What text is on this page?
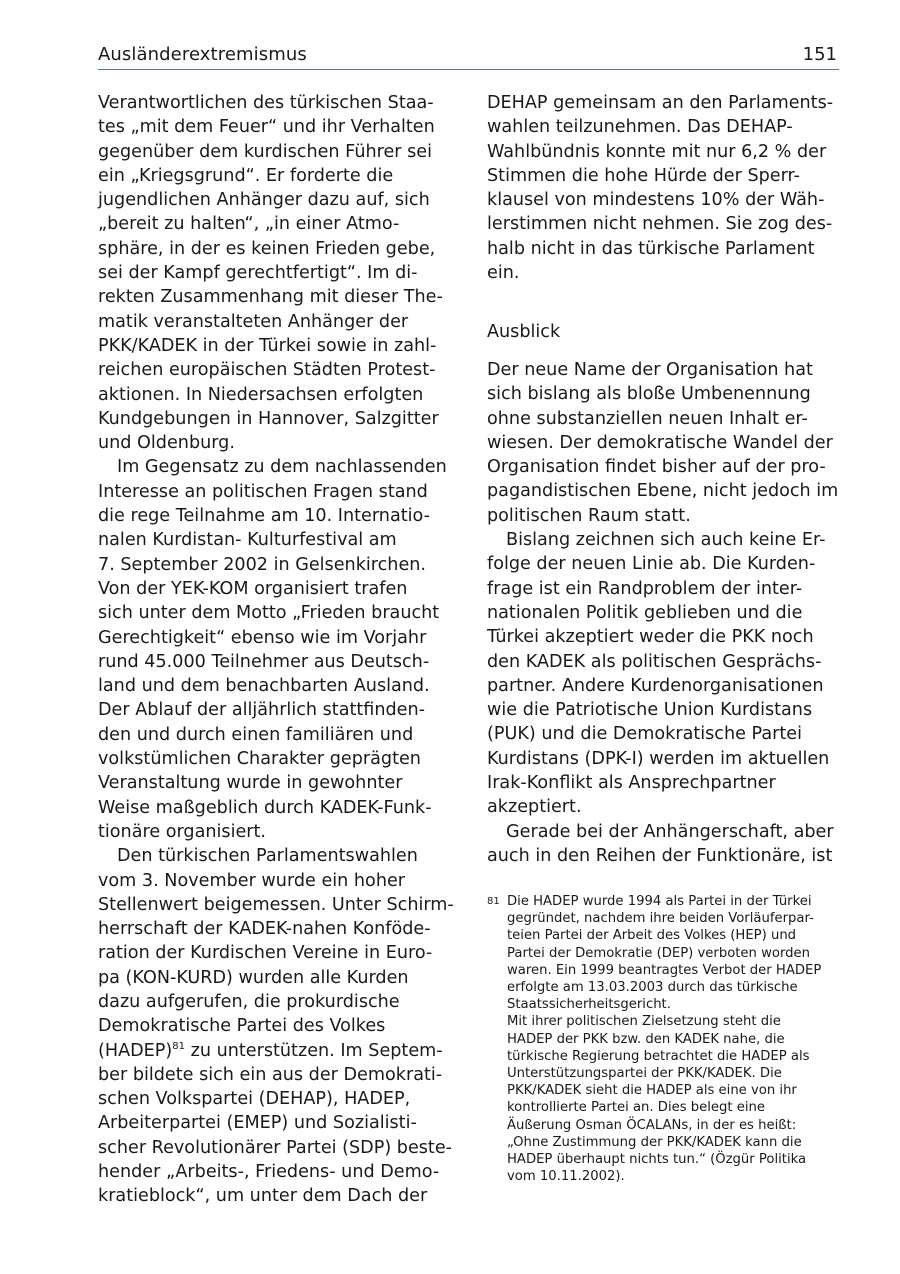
Ausländerextremismus	151
Verantwortlichen des türkischen Staa-
tes „mit dem Feuer“ und ihr Verhalten
gegenüber dem kurdischen Führer sei
ein „Kriegsgrund“. Er forderte die
jugendlichen Anhänger dazu auf, sich
„bereit zu halten“, „in einer Atmo-
sphäre, in der es keinen Frieden gebe,
sei der Kampf gerechtfertigt“. Im di-
rekten Zusammenhang mit dieser The-
matik veranstalteten Anhänger der
PKK/KADEK in der Türkei sowie in zahl-
reichen europäischen Städten Protest-
aktionen. In Niedersachsen erfolgten
Kundgebungen in Hannover, Salzgitter
und Oldenburg.
Im Gegensatz zu dem nachlassenden
Interesse an politischen Fragen stand
die rege Teilnahme am 10. Internatio-
nalen Kurdistan- Kulturfestival am
7. September 2002 in Gelsenkirchen.
Von der YEK-KOM organisiert trafen
sich unter dem Motto „Frieden braucht
Gerechtigkeit“ ebenso wie im Vorjahr
rund 45.000 Teilnehmer aus Deutsch-
land und dem benachbarten Ausland.
Der Ablauf der alljährlich stattfinden-
den und durch einen familiären und
volkstümlichen Charakter geprägten
Veranstaltung wurde in gewohnter
Weise maßgeblich durch KADEK-Funk-
tionäre organisiert.
Den türkischen Parlamentswahlen
vom 3. November wurde ein hoher
Stellenwert beigemessen. Unter Schirm-
herrschaft der KADEK-nahen Konföde-
ration der Kurdischen Vereine in Euro-
pa (KON-KURD) wurden alle Kurden
dazu aufgerufen, die prokurdische
Demokratische Partei des Volkes
(HADEP)$^{81}$ zu unterstützen. Im Septem-
ber bildete sich ein aus der Demokrati-
schen Volkspartei (DEHAP), HADEP,
Arbeiterpartei (EMEP) und Sozialisti-
scher Revolutionärer Partei (SDP) beste-
hender „Arbeits-, Friedens- und Demo-
kratieblock“, um unter dem Dach der
DEHAP gemeinsam an den Parlaments-
wahlen teilzunehmen. Das DEHAP-
Wahlbündnis konnte mit nur 6,2 % der
Stimmen die hohe Hürde der Sperr-
klausel von mindestens 10% der Wäh-
lerstimmen nicht nehmen. Sie zog des-
halb nicht in das türkische Parlament
ein.
Ausblick
Der neue Name der Organisation hat
sich bislang als bloße Umbenennung
ohne substanziellen neuen Inhalt er-
wiesen. Der demokratische Wandel der
Organisation findet bisher auf der pro-
pagandistischen Ebene, nicht jedoch im
politischen Raum statt.
Bislang zeichnen sich auch keine Er-
folge der neuen Linie ab. Die Kurden-
frage ist ein Randproblem der inter-
nationalen Politik geblieben und die
Türkei akzeptiert weder die PKK noch
den KADEK als politischen Gesprächs-
partner. Andere Kurdenorganisationen
wie die Patriotische Union Kurdistans
(PUK) und die Demokratische Partei
Kurdistans (DPK-I) werden im aktuellen
Irak-Konflikt als Ansprechpartner
akzeptiert.
Gerade bei der Anhängerschaft, aber
auch in den Reihen der Funktionäre, ist
81 Die HADEP wurde 1994 als Partei in der Türkei
gegründet, nachdem ihre beiden Vorläuferpar-
teien Partei der Arbeit des Volkes (HEP) und
Partei der Demokratie (DEP) verboten worden
waren. Ein 1999 beantragtes Verbot der HADEP
erfolgte am 13.03.2003 durch das türkische
Staatssicherheitsgericht.
Mit ihrer politischen Zielsetzung steht die
HADEP der PKK bzw. den KADEK nahe, die
türkische Regierung betrachtet die HADEP als
Unterstützungspartei der PKK/KADEK. Die
PKK/KADEK sieht die HADEP als eine von ihr
kontrollierte Partei an. Dies belegt eine
Äußerung Osman ÖCALANs, in der es heißt:
„Ohne Zustimmung der PKK/KADEK kann die
HADEP überhaupt nichts tun.“ (Özgür Politika
vom 10.11.2002).
